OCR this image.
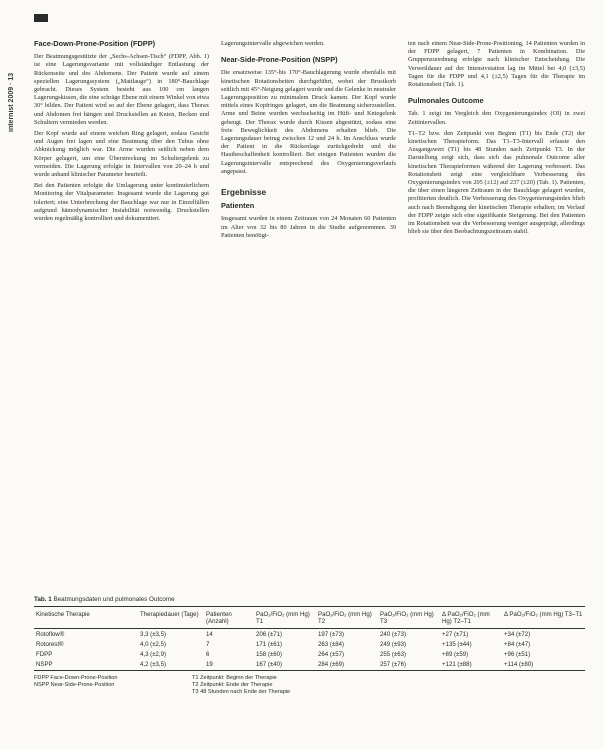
internist 2009 · 13
Face-Down-Prone-Position (FDPP)

Der Beatmungsgestützte der „Sechs-Achsen-Tisch“ (FDPP, Abb. 1) ist eine Lagerungsvariante mit vollständiger Entlastung der Rückenseite und des Abdomens. Der Patient wurde auf einem speziellen Lagerungssystem („Mattlauge“) in 180°-Bauchlage gebracht. Dieses System besteht aus 100 cm langen Lagerungskissen, die eine schräge Ebene mit einem Winkel von etwa 30° bilden. Der Patient wird so auf der Ebene gelagert, dass Thorax und Abdomen frei hängen und Druckstellen an Knien, Becken und Schultern vermieden werden.

Der Kopf wurde auf einem weichen Ring gelagert, sodass Gesicht und Augen frei lagen und eine Beatmung über den Tubus ohne Abknickung möglich war. Die Arme wurden seitlich neben dem Körper gelagert, um eine Überstreckung im Schultergelenk zu vermeiden. Die Lagerung erfolgte in Intervallen von 20–24 h und wurde anhand klinischer Parameter beurteilt.

Bei den Patienten erfolgte die Umlagerung unter kontinuierlichem Monitoring der Vitalparameter. Insgesamt wurde die Lagerung gut toleriert; eine Unterbrechung der Bauchlage war nur in Einzelfällen aufgrund hämodynamischer Instabilität notwendig. Druckstellen wurden regelmäßig kontrolliert und dokumentiert.

Lagerungsintervalle abgewichen werden.

Near-Side-Prone-Position (NSPP)

Die ersatzweise 135°-bis 170°-Bauchlagerung wurde ebenfalls mit kinetischen Rotationsbetten durchgeführt, wobei der Brustkorb seitlich mit 45°-Neigung gelagert wurde und die Gelenke in neutraler Lagerungsposition zu minimalem Druck kamen. Der Kopf wurde mittels eines Kopfringes gelagert, um die Beatmung sicherzustellen. Arme und Beine wurden wechselseitig im Hüft- und Kniegelenk gebeugt. Der Thorax wurde durch Kissen abgestützt, sodass eine freie Beweglichkeit des Abdomens erhalten blieb. Die Lagerungsdauer betrug zwischen 12 und 24 h. Im Anschluss wurde der Patient in die Rückenlage zurückgedreht und die Hautbeschaffenheit kontrolliert. Bei einigen Patienten wurden die Lagerungsintervalle entsprechend des Oxygenierungsverlaufs angepasst.

Ergebnisse
Patienten

Insgesamt wurden in einem Zeitraum von 24 Monaten 60 Patienten im Alter von 32 bis 80 Jahren in die Studie aufgenommen. 39 Patienten benötigt-

ten nach einem Near-Side-Prone-Positioning, 14 Patienten wurden in der FDPP gelagert, 7 Patienten in Kombination. Die Gruppenzuordnung erfolgte nach klinischer Entscheidung. Die Verweildauer auf der Intensivstation lag im Mittel bei 4,0 (±3,5) Tagen für die FDPP und 4,1 (±2,5) Tagen für die Therapie im Rotationsbett (Tab. 1).

Pulmonales Outcome

Tab. 1 zeigt im Vergleich den Oxygenierungsindex (OI) in zwei Zeitintervallen.

T1–T2 bzw. den Zeitpunkt von Beginn (T1) bis Ende (T2) der kinetischen Therapieform. Das T1–T3-Intervall erfasste den Ausgangswert (T1) bis 48 Stunden nach Zeitpunkt T3. In der Darstellung zeigt sich, dass sich das pulmonale Outcome aller kinetischen Therapieformen während der Lagerung verbessert. Das Rotationsbett zeigt eine vergleichbare Verbesserung des Oxygenierungsindex von 205 (±12) auf 237 (±20) (Tab. 1). Patienten, die über einen längeren Zeitraum in der Bauchlage gelagert wurden, profitierten deutlich. Die Verbesserung des Oxygenierungsindex blieb auch nach Beendigung der kinetischen Therapie erhalten; im Verlauf der FDPP zeigte sich eine signifikante Steigerung. Bei den Patienten im Rotationsbett war die Verbesserung weniger ausgeprägt, allerdings blieb sie über den Beobachtungszeitraum stabil.

Tab. 1 Beatmungsdaten und pulmonales Outcome
Kinetische Therapie	Therapiedauer (Tage)	Patienten (Anzahl)	PaO₂/FiO₂ (mm Hg) T1	PaO₂/FiO₂ (mm Hg) T2	PaO₂/FiO₂ (mm Hg) T3	Δ PaO₂/FiO₂ (mm Hg) T2–T1	Δ PaO₂/FiO₂ (mm Hg) T3–T1
Rotoflow®	3,3 (±3,5)	14	206 (±71)	197 (±73)	240 (±73)	+27 (±71)	+34 (±72)
Rotorest®	4,0 (±2,5)	7	171 (±61)	263 (±84)	249 (±93)	+135 (±44)	+84 (±47)
FDPP	4,3 (±2,9)	6	158 (±60)	264 (±57)	255 (±63)	+89 (±59)	+96 (±51)
NSPP	4,2 (±3,5)	19	167 (±40)	284 (±69)	257 (±76)	+121 (±88)	+114 (±80)
FDPP Face-Down-Prone-Position
NSPP Near-Side-Prone-Position
T1 Zeitpunkt: Beginn der Therapie
T2 Zeitpunkt: Ende der Therapie
T3 48 Stunden nach Ende der Therapie
